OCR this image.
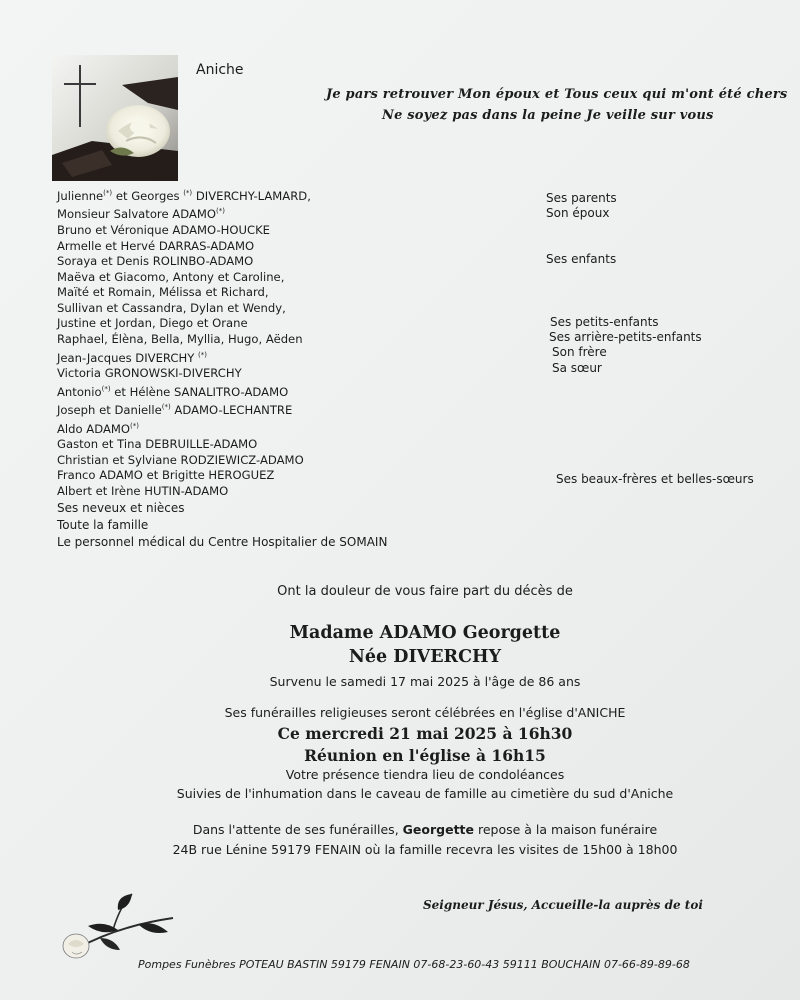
Aniche
Je pars retrouver Mon époux et Tous ceux qui m'ont été chers
Ne soyez pas dans la peine Je veille sur vous
Julienne(*) et Georges (*) DIVERCHY-LAMARD,
Monsieur Salvatore ADAMO(*)
Bruno et Véronique ADAMO-HOUCKE
Armelle et Hervé DARRAS-ADAMO
Soraya et Denis ROLINBO-ADAMO
Maëva et Giacomo, Antony et Caroline,
Maïté et Romain, Mélissa et Richard,
Sullivan et Cassandra, Dylan et Wendy,
Justine et Jordan, Diego et Orane
Raphael, Élèna, Bella, Myllia, Hugo, Aëden
Jean-Jacques DIVERCHY (*)
Victoria GRONOWSKI-DIVERCHY
Antonio(*) et Hélène SANALITRO-ADAMO
Joseph et Danielle(*) ADAMO-LECHANTRE
Aldo ADAMO(*)
Gaston et Tina DEBRUILLE-ADAMO
Christian et Sylviane RODZIEWICZ-ADAMO
Franco ADAMO et Brigitte HEROGUEZ
Albert et Irène HUTIN-ADAMO
Ses parents
Son époux
Ses enfants
Ses petits-enfants
Ses arrière-petits-enfants
Son frère
Sa sœur
Ses beaux-frères et belles-sœurs
Ses neveux et nièces
Toute la famille
Le personnel médical du Centre Hospitalier de SOMAIN
Ont la douleur de vous faire part du décès de
Madame ADAMO Georgette
Née DIVERCHY
Survenu le samedi 17 mai 2025 à l'âge de 86 ans
Ses funérailles religieuses seront célébrées en l'église d'ANICHE
Ce mercredi 21 mai 2025 à 16h30
Réunion en l'église à 16h15
Votre présence tiendra lieu de condoléances
Suivies de l'inhumation dans le caveau de famille au cimetière du sud d'Aniche
Dans l'attente de ses funérailles, Georgette repose à la maison funéraire
24B rue Lénine 59179 FENAIN où la famille recevra les visites de 15h00 à 18h00
Seigneur Jésus, Accueille-la auprès de toi
Pompes Funèbres POTEAU BASTIN 59179 FENAIN 07-68-23-60-43 59111 BOUCHAIN 07-66-89-89-68
